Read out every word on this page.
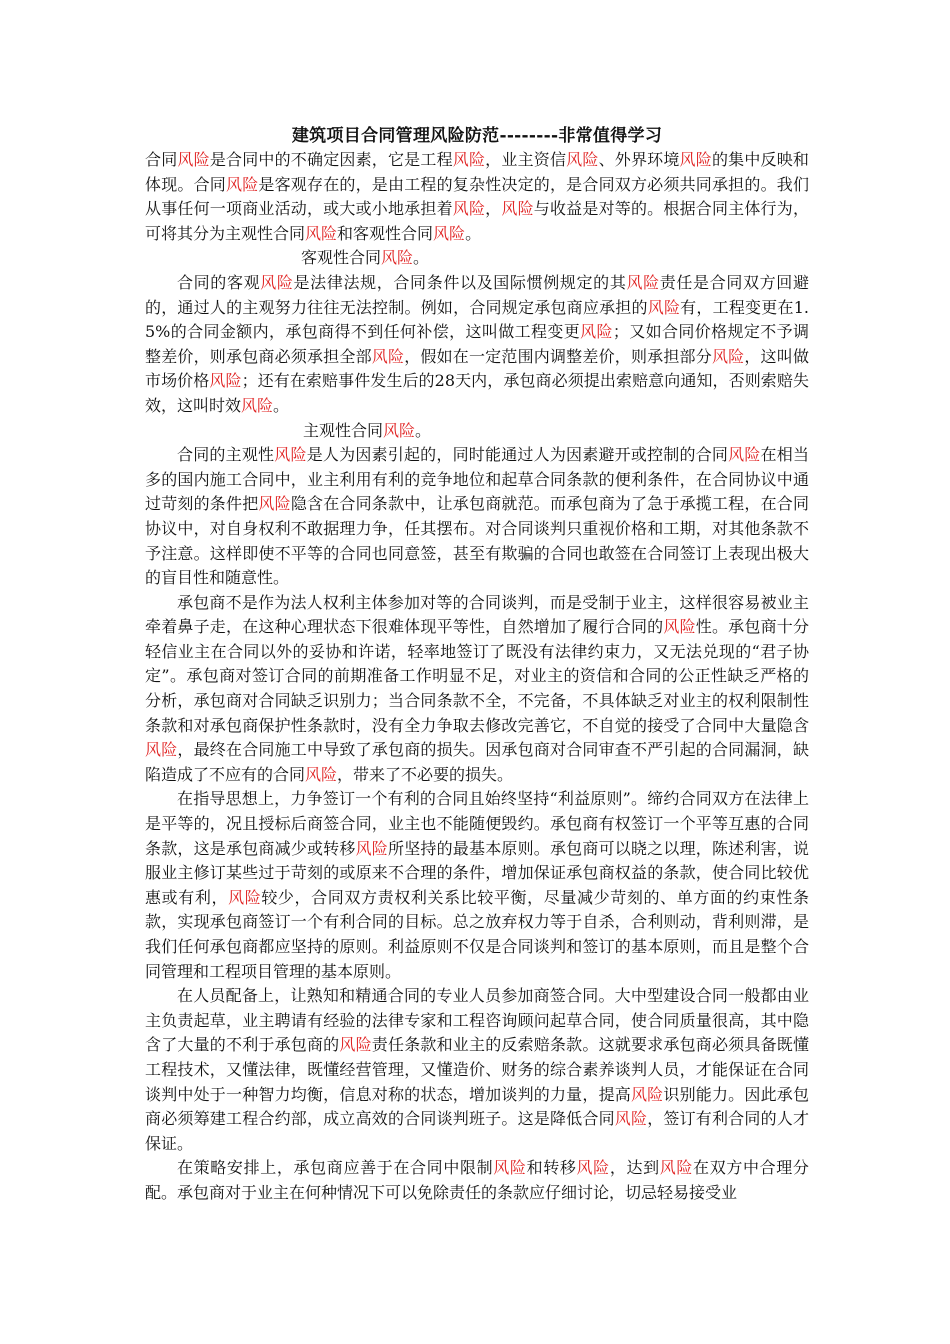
建筑项目合同管理风险防范--------非常值得学习

合同风险是合同中的不确定因素，它是工程风险，业主资信风险、外界环境风险的集中反映和体现。合同风险是客观存在的，是由工程的复杂性决定的，是合同双方必须共同承担的。我们从事任何一项商业活动，或大或小地承担着风险，风险与收益是对等的。根据合同主体行为，可将其分为主观性合同风险和客观性合同风险。

客观性合同风险。

合同的客观风险是法律法规，合同条件以及国际惯例规定的其风险责任是合同双方回避的，通过人的主观努力往往无法控制。例如，合同规定承包商应承担的风险有，工程变更在1.5%的合同金额内，承包商得不到任何补偿，这叫做工程变更风险；又如合同价格规定不予调整差价，则承包商必须承担全部风险，假如在一定范围内调整差价，则承担部分风险，这叫做市场价格风险；还有在索赔事件发生后的28天内，承包商必须提出索赔意向通知，否则索赔失效，这叫时效风险。

主观性合同风险。

合同的主观性风险是人为因素引起的，同时能通过人为因素避开或控制的合同风险在相当多的国内施工合同中，业主利用有利的竞争地位和起草合同条款的便利条件，在合同协议中通过苛刻的条件把风险隐含在合同条款中，让承包商就范。而承包商为了急于承揽工程，在合同协议中，对自身权利不敢据理力争，任其摆布。对合同谈判只重视价格和工期，对其他条款不予注意。这样即使不平等的合同也同意签，甚至有欺骗的合同也敢签在合同签订上表现出极大的盲目性和随意性。

承包商不是作为法人权利主体参加对等的合同谈判，而是受制于业主，这样很容易被业主牵着鼻子走，在这种心理状态下很难体现平等性，自然增加了履行合同的风险性。承包商十分轻信业主在合同以外的妥协和许诺，轻率地签订了既没有法律约束力，又无法兑现的“君子协定”。承包商对签订合同的前期准备工作明显不足，对业主的资信和合同的公正性缺乏严格的分析，承包商对合同缺乏识别力；当合同条款不全，不完备，不具体缺乏对业主的权利限制性条款和对承包商保护性条款时，没有全力争取去修改完善它，不自觉的接受了合同中大量隐含风险，最终在合同施工中导致了承包商的损失。因承包商对合同审查不严引起的合同漏洞，缺陷造成了不应有的合同风险，带来了不必要的损失。

在指导思想上，力争签订一个有利的合同且始终坚持“利益原则”。缔约合同双方在法律上是平等的，况且授标后商签合同，业主也不能随便毁约。承包商有权签订一个平等互惠的合同条款，这是承包商减少或转移风险所坚持的最基本原则。承包商可以晓之以理，陈述利害，说服业主修订某些过于苛刻的或原来不合理的条件，增加保证承包商权益的条款，使合同比较优惠或有利，风险较少，合同双方责权利关系比较平衡，尽量减少苛刻的、单方面的约束性条款，实现承包商签订一个有利合同的目标。总之放弃权力等于自杀，合利则动，背利则滞，是我们任何承包商都应坚持的原则。利益原则不仅是合同谈判和签订的基本原则，而且是整个合同管理和工程项目管理的基本原则。

在人员配备上，让熟知和精通合同的专业人员参加商签合同。大中型建设合同一般都由业主负责起草，业主聘请有经验的法律专家和工程咨询顾问起草合同，使合同质量很高，其中隐含了大量的不利于承包商的风险责任条款和业主的反索赔条款。这就要求承包商必须具备既懂工程技术，又懂法律，既懂经营管理，又懂造价、财务的综合素养谈判人员，才能保证在合同谈判中处于一种智力均衡，信息对称的状态，增加谈判的力量，提高风险识别能力。因此承包商必须筹建工程合约部，成立高效的合同谈判班子。这是降低合同风险，签订有利合同的人才保证。

在策略安排上，承包商应善于在合同中限制风险和转移风险，达到风险在双方中合理分配。承包商对于业主在何种情况下可以免除责任的条款应仔细讨论，切忌轻易接受业
